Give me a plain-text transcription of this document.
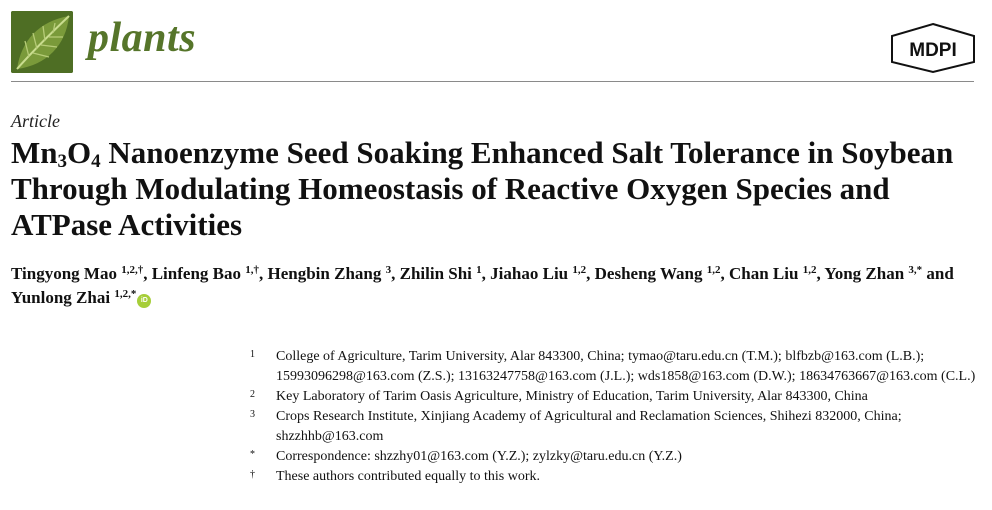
plants	MDPI
Article
$Mn_3O_4$ Nanoenzyme Seed Soaking Enhanced Salt Tolerance in Soybean Through Modulating Homeostasis of Reactive Oxygen Species and ATPase Activities
Tingyong Mao $^{1,2,\dagger}$, Linfeng Bao $^{1,\dagger}$, Hengbin Zhang $^3$, Zhilin Shi $^1$, Jiahao Liu $^{1,2}$, Desheng Wang $^{1,2}$, Chan Liu $^{1,2}$, Yong Zhan $^{3,*}$ and Yunlong Zhai $^{1,2,*}$iD
1	College of Agriculture, Tarim University, Alar 843300, China; tymao@taru.edu.cn (T.M.); blfbzb@163.com (L.B.); 15993096298@163.com (Z.S.); 13163247758@163.com (J.L.); wds1858@163.com (D.W.); 18634763667@163.com (C.L.)
2	Key Laboratory of Tarim Oasis Agriculture, Ministry of Education, Tarim University, Alar 843300, China
3	Crops Research Institute, Xinjiang Academy of Agricultural and Reclamation Sciences, Shihezi 832000, China; shzzhhb@163.com
*	Correspondence: shzzhy01@163.com (Y.Z.); zylzky@taru.edu.cn (Y.Z.)
†	These authors contributed equally to this work.
